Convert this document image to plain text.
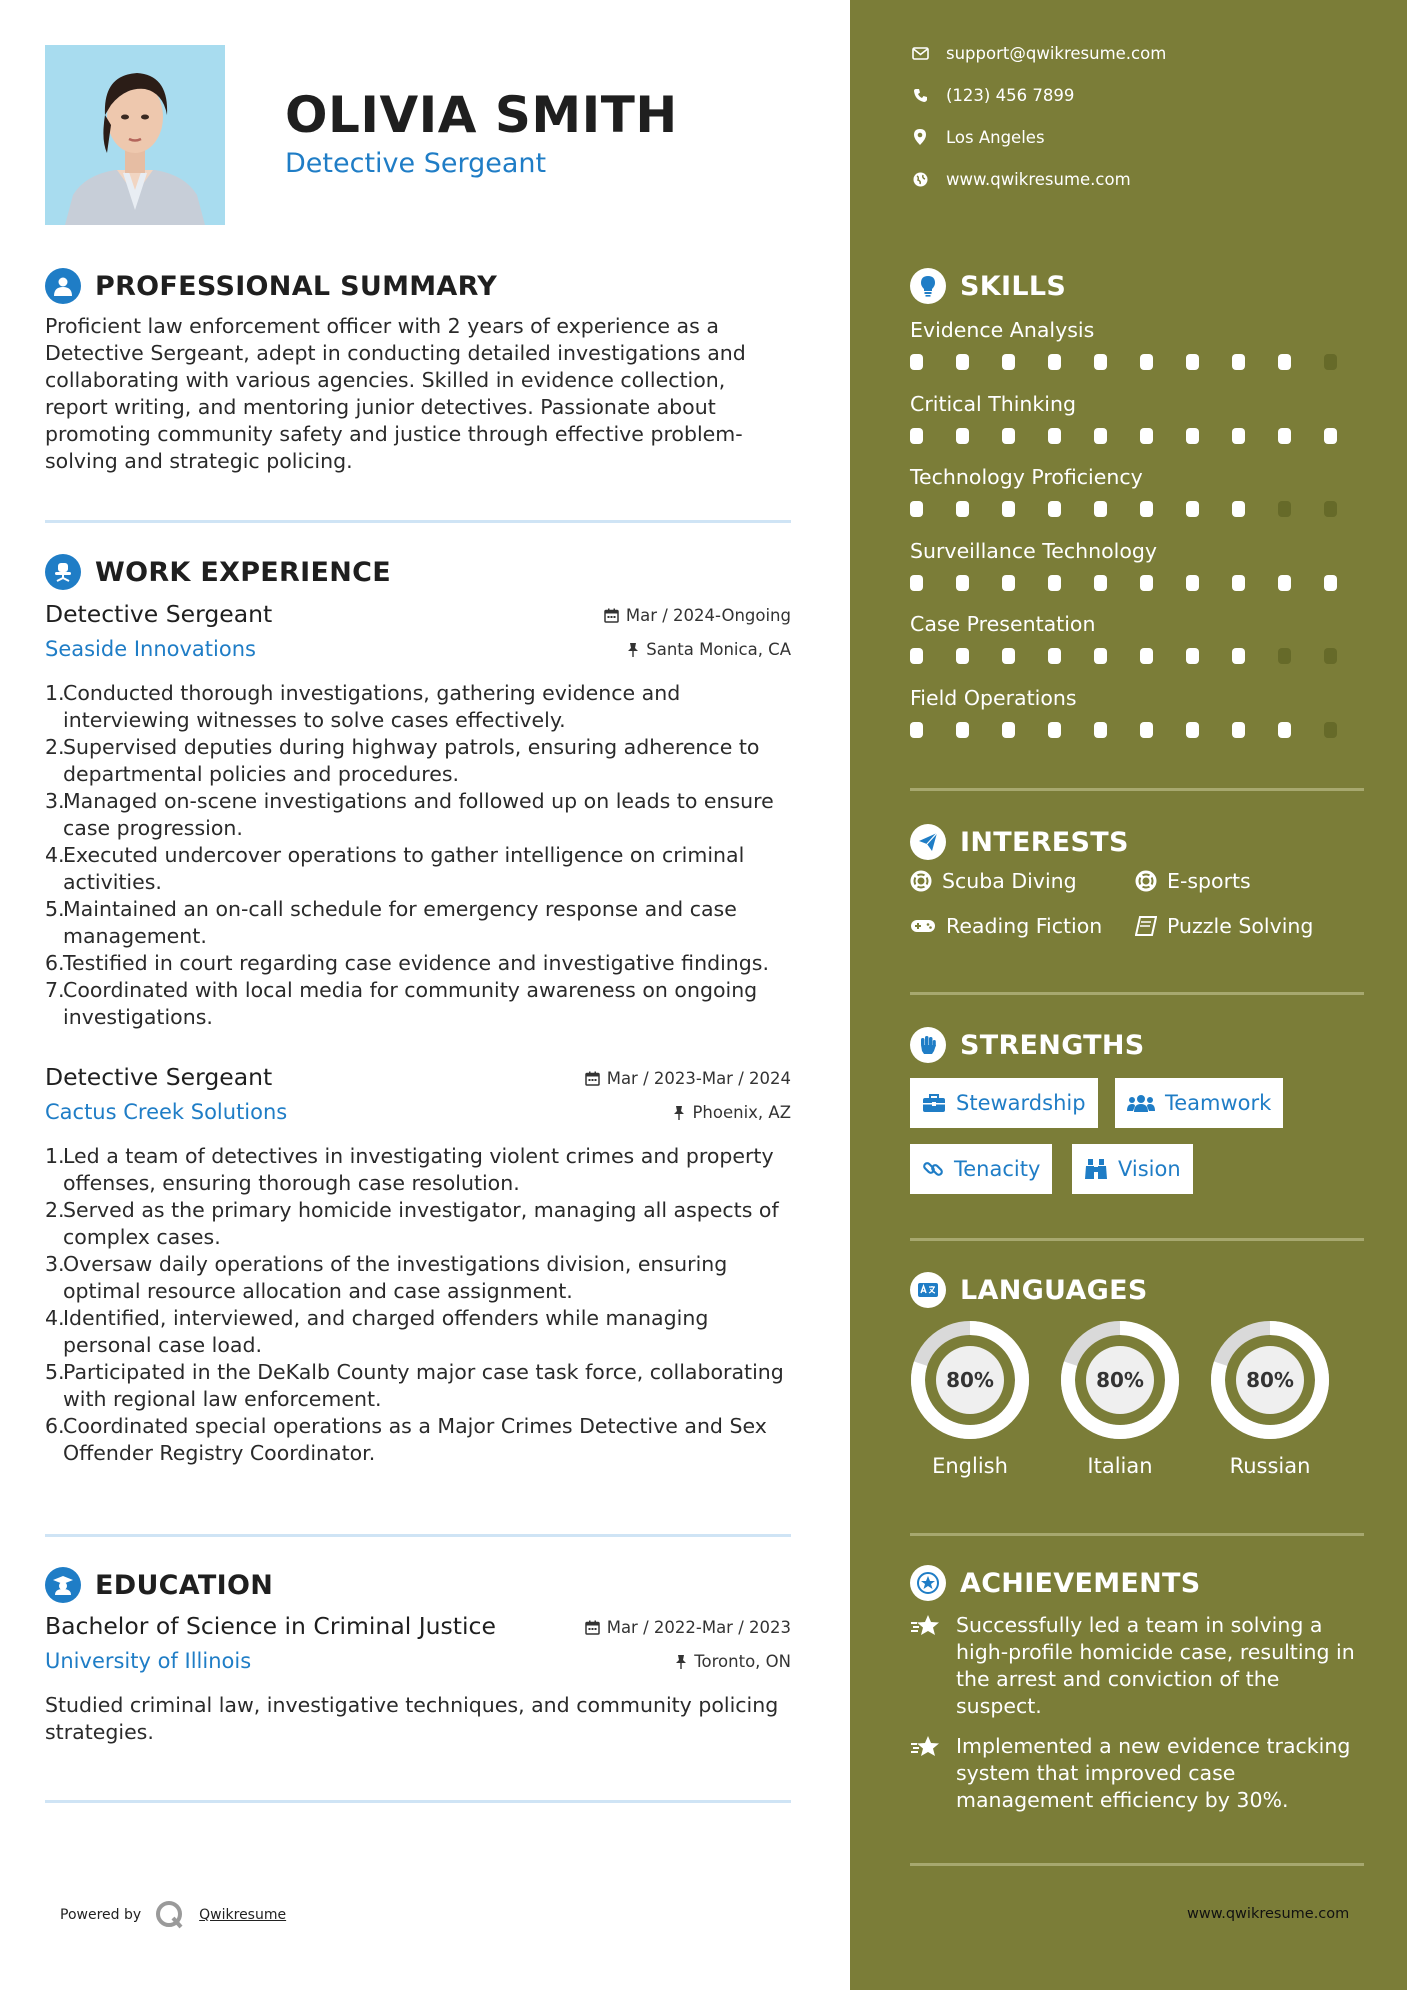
OLIVIA SMITH
Detective Sergeant
PROFESSIONAL SUMMARY
Proficient law enforcement officer with 2 years of experience as a Detective Sergeant, adept in conducting detailed investigations and collaborating with various agencies. Skilled in evidence collection, report writing, and mentoring junior detectives. Passionate about promoting community safety and justice through effective problem-solving and strategic policing.
WORK EXPERIENCE
Detective Sergeant	Mar / 2024-Ongoing
Seaside Innovations	Santa Monica, CA
1.
Conducted thorough investigations, gathering evidence and interviewing witnesses to solve cases effectively.
2.
Supervised deputies during highway patrols, ensuring adherence to departmental policies and procedures.
3.
Managed on-scene investigations and followed up on leads to ensure case progression.
4.
Executed undercover operations to gather intelligence on criminal activities.
5.
Maintained an on-call schedule for emergency response and case management.
6.
Testified in court regarding case evidence and investigative findings.
7.
Coordinated with local media for community awareness on ongoing investigations.
Detective Sergeant	Mar / 2023-Mar / 2024
Cactus Creek Solutions	Phoenix, AZ
1.
Led a team of detectives in investigating violent crimes and property offenses, ensuring thorough case resolution.
2.
Served as the primary homicide investigator, managing all aspects of complex cases.
3.
Oversaw daily operations of the investigations division, ensuring optimal resource allocation and case assignment.
4.
Identified, interviewed, and charged offenders while managing personal case load.
5.
Participated in the DeKalb County major case task force, collaborating with regional law enforcement.
6.
Coordinated special operations as a Major Crimes Detective and Sex Offender Registry Coordinator.
EDUCATION
Bachelor of Science in Criminal Justice	Mar / 2022-Mar / 2023
University of Illinois	Toronto, ON
Studied criminal law, investigative techniques, and community policing strategies.
Powered by	Qwikresume
support@qwikresume.com
(123) 456 7899
Los Angeles
www.qwikresume.com
SKILLS
Evidence Analysis
Critical Thinking
Technology Proficiency
Surveillance Technology
Case Presentation
Field Operations
INTERESTS
Scuba Diving	E-sports
Reading Fiction	Puzzle Solving
STRENGTHS
Stewardship	Teamwork
Tenacity	Vision
LANGUAGES
80%
English
80%
Italian
80%
Russian
ACHIEVEMENTS
Successfully led a team in solving a high-profile homicide case, resulting in the arrest and conviction of the suspect.
Implemented a new evidence tracking system that improved case management efficiency by 30%.
www.qwikresume.com
